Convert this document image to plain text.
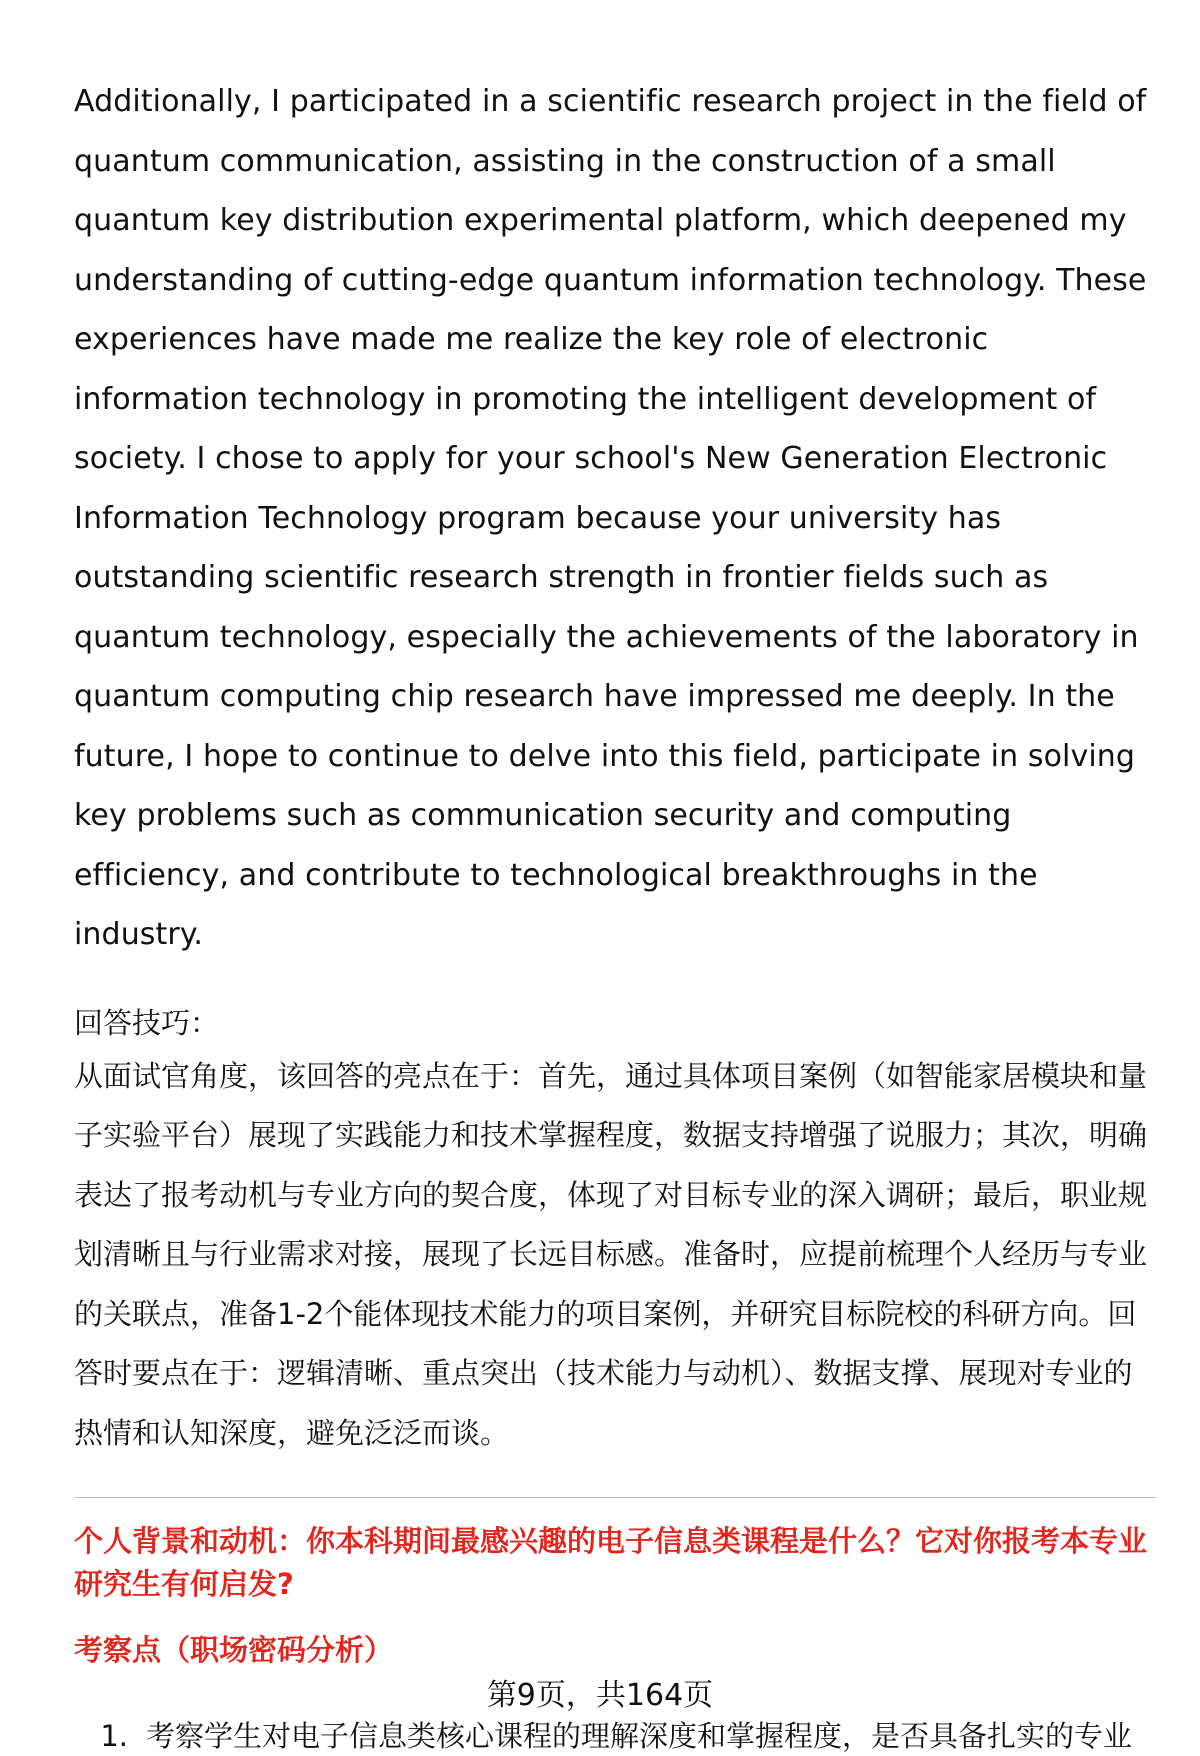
Additionally, I participated in a scientific research project in the field of quantum communication, assisting in the construction of a small quantum key distribution experimental platform, which deepened my understanding of cutting-edge quantum information technology. These experiences have made me realize the key role of electronic information technology in promoting the intelligent development of society. I chose to apply for your school's New Generation Electronic Information Technology program because your university has outstanding scientific research strength in frontier fields such as quantum technology, especially the achievements of the laboratory in quantum computing chip research have impressed me deeply. In the future, I hope to continue to delve into this field, participate in solving key problems such as communication security and computing efficiency, and contribute to technological breakthroughs in the industry.

回答技巧：

从面试官角度，该回答的亮点在于：首先，通过具体项目案例（如智能家居模块和量子实验平台）展现了实践能力和技术掌握程度，数据支持增强了说服力；其次，明确表达了报考动机与专业方向的契合度，体现了对目标专业的深入调研；最后，职业规划清晰且与行业需求对接，展现了长远目标感。准备时，应提前梳理个人经历与专业的关联点，准备1-2个能体现技术能力的项目案例，并研究目标院校的科研方向。回答时要点在于：逻辑清晰、重点突出（技术能力与动机）、数据支撑、展现对专业的热情和认知深度，避免泛泛而谈。

个人背景和动机：你本科期间最感兴趣的电子信息类课程是什么？它对你报考本专业研究生有何启发?

考察点（职场密码分析）

1. 考察学生对电子信息类核心课程的理解深度和掌握程度，是否具备扎实的专业
第9页，共164页
